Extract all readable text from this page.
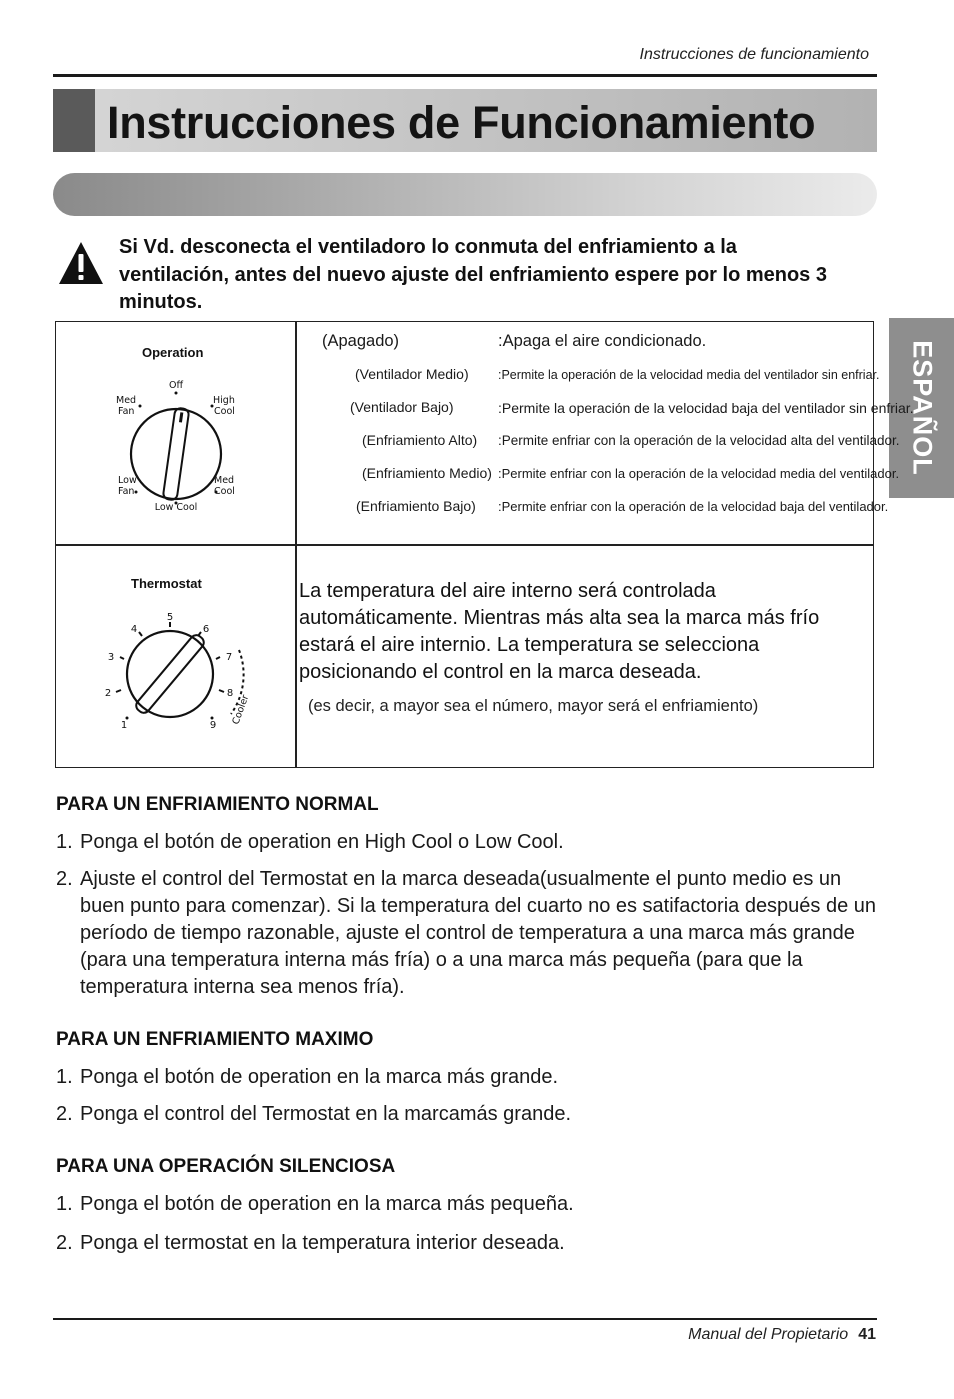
Instrucciones de funcionamiento
Instrucciones de Funcionamiento
ESPAÑOL
Si Vd. desconecta el ventiladoro lo conmuta del enfriamiento a la ventilación, antes del nuevo ajuste del enfriamiento espere por lo menos 3 minutos.
Operation
Off
High
Cool
Med
Fan
Low
Fan
Med
Cool
Low Cool
(Apagado)	:Apaga el aire condicionado.
(Ventilador Medio) :Permite la operación de la velocidad media del ventilador sin enfriar.
(Ventilador Bajo)	:Permite la operación de la velocidad baja del ventilador sin enfriar.
(Enfriamiento Alto) :Permite enfriar con la operación de la velocidad alta del ventilador.
(Enfriamiento Medio) :Permite enfriar con la operación de la velocidad media del ventilador.
(Enfriamiento Bajo) :Permite enfriar con la operación de la velocidad baja del ventilador.
Thermostat
1
2
3
4
5
6
7
8
9 Cooler
La temperatura del aire interno será controlada automáticamente. Mientras más alta sea la marca más frío estará el aire internio. La temperatura se selecciona posicionando el control en la marca deseada.
(es decir, a mayor sea el número, mayor será el enfriamiento)
PARA UN ENFRIAMIENTO NORMAL
1. Ponga el botón de operation en High Cool o Low Cool.
2. Ajuste el control del Termostat en la marca deseada(usualmente el punto medio es un buen punto para comenzar). Si la temperatura del cuarto no es satifactoria después de un período de tiempo razonable, ajuste el control de temperatura a una marca más grande (para una temperatura interna más fría) o a una marca más pequeña (para que la temperatura interna sea menos fría).
PARA UN ENFRIAMIENTO MAXIMO
1. Ponga el botón de operation en la marca más grande.
2. Ponga el control del Termostat en la marcamás grande.
PARA UNA OPERACIÓN SILENCIOSA
1. Ponga el botón de operation en la marca más pequeña.
2. Ponga el termostat en la temperatura interior deseada.
Manual del Propietario 41
